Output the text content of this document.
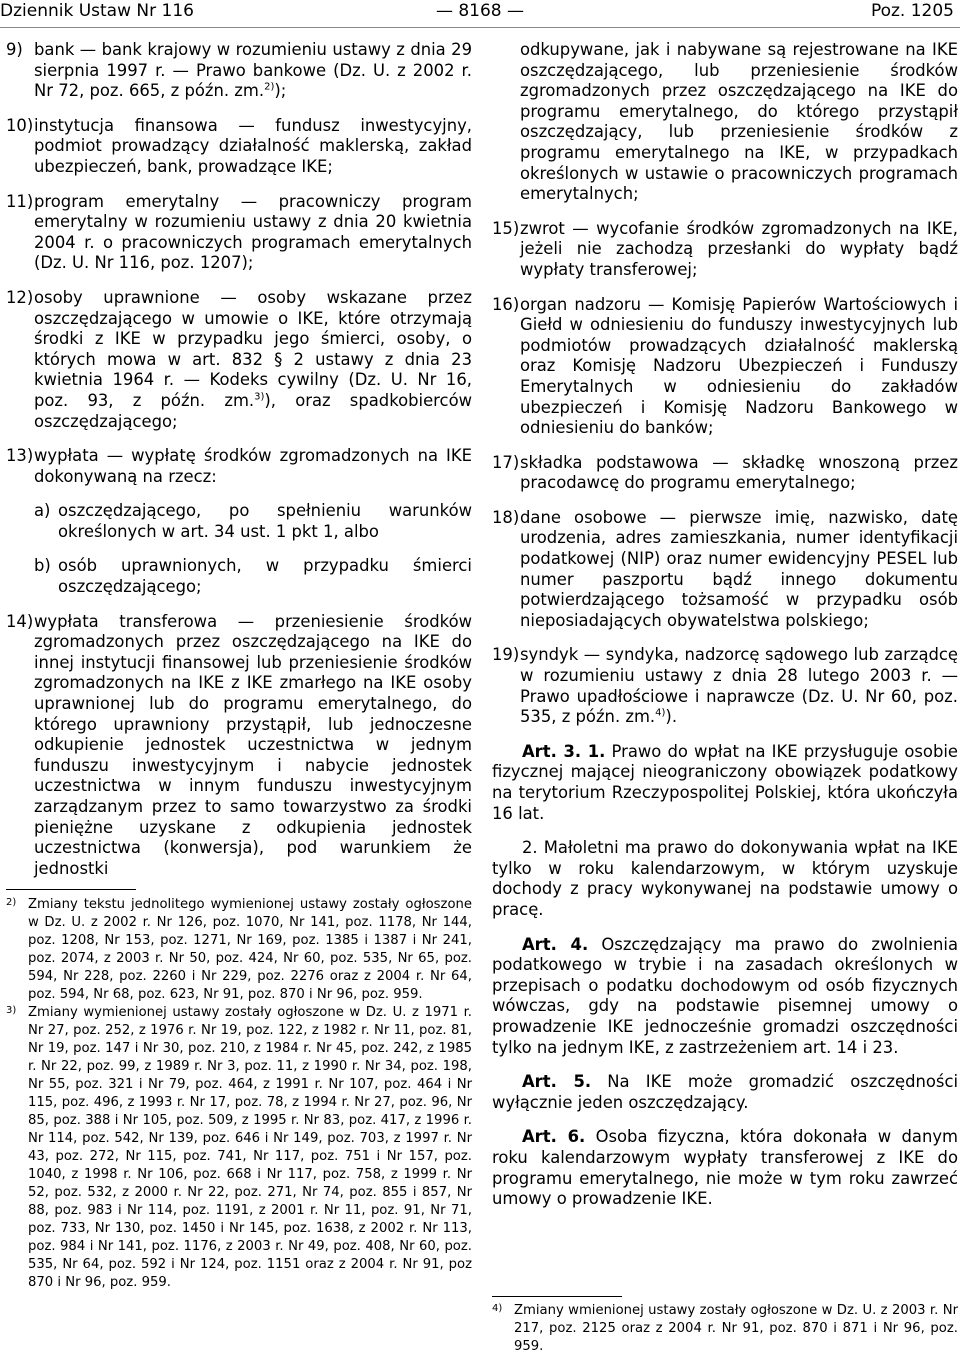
Dziennik Ustaw Nr 116	— 8168 —	Poz. 1205
9) bank — bank krajowy w rozumieniu ustawy z dnia 29 sierpnia 1997 r. — Prawo bankowe (Dz. U. z 2002 r. Nr 72, poz. 665, z późn. zm.$^{2)}$);
10) instytucja finansowa — fundusz inwestycyjny, podmiot prowadzący działalność maklerską, zakład ubezpieczeń, bank, prowadzące IKE;
11) program emerytalny — pracowniczy program emerytalny w rozumieniu ustawy z dnia 20 kwietnia 2004 r. o pracowniczych programach emerytalnych (Dz. U. Nr 116, poz. 1207);
12) osoby uprawnione — osoby wskazane przez oszczędzającego w umowie o IKE, które otrzymają środki z IKE w przypadku jego śmierci, osoby, o których mowa w art. 832 § 2 ustawy z dnia 23 kwietnia 1964 r. — Kodeks cywilny (Dz. U. Nr 16, poz. 93, z późn. zm.$^{3)}$), oraz spadkobierców oszczędzającego;
13) wypłata — wypłatę środków zgromadzonych na IKE dokonywaną na rzecz:
a) oszczędzającego, po spełnieniu warunków określonych w art. 34 ust. 1 pkt 1, albo
b) osób uprawnionych, w przypadku śmierci oszczędzającego;
14) wypłata transferowa — przeniesienie środków zgromadzonych przez oszczędzającego na IKE do innej instytucji finansowej lub przeniesienie środków zgromadzonych na IKE z IKE zmarłego na IKE osoby uprawnionej lub do programu emerytalnego, do którego uprawniony przystąpił, lub jednoczesne odkupienie jednostek uczestnictwa w jednym funduszu inwestycyjnym i nabycie jednostek uczestnictwa w innym funduszu inwestycyjnym zarządzanym przez to samo towarzystwo za środki pieniężne uzyskane z odkupienia jednostek uczestnictwa (konwersja), pod warunkiem że jednostki
2) Zmiany tekstu jednolitego wymienionej ustawy zostały ogłoszone w Dz. U. z 2002 r. Nr 126, poz. 1070, Nr 141, poz. 1178, Nr 144, poz. 1208, Nr 153, poz. 1271, Nr 169, poz. 1385 i 1387 i Nr 241, poz. 2074, z 2003 r. Nr 50, poz. 424, Nr 60, poz. 535, Nr 65, poz. 594, Nr 228, poz. 2260 i Nr 229, poz. 2276 oraz z 2004 r. Nr 64, poz. 594, Nr 68, poz. 623, Nr 91, poz. 870 i Nr 96, poz. 959.
3) Zmiany wymienionej ustawy zostały ogłoszone w Dz. U. z 1971 r. Nr 27, poz. 252, z 1976 r. Nr 19, poz. 122, z 1982 r. Nr 11, poz. 81, Nr 19, poz. 147 i Nr 30, poz. 210, z 1984 r. Nr 45, poz. 242, z 1985 r. Nr 22, poz. 99, z 1989 r. Nr 3, poz. 11, z 1990 r. Nr 34, poz. 198, Nr 55, poz. 321 i Nr 79, poz. 464, z 1991 r. Nr 107, poz. 464 i Nr 115, poz. 496, z 1993 r. Nr 17, poz. 78, z 1994 r. Nr 27, poz. 96, Nr 85, poz. 388 i Nr 105, poz. 509, z 1995 r. Nr 83, poz. 417, z 1996 r. Nr 114, poz. 542, Nr 139, poz. 646 i Nr 149, poz. 703, z 1997 r. Nr 43, poz. 272, Nr 115, poz. 741, Nr 117, poz. 751 i Nr 157, poz. 1040, z 1998 r. Nr 106, poz. 668 i Nr 117, poz. 758, z 1999 r. Nr 52, poz. 532, z 2000 r. Nr 22, poz. 271, Nr 74, poz. 855 i 857, Nr 88, poz. 983 i Nr 114, poz. 1191, z 2001 r. Nr 11, poz. 91, Nr 71, poz. 733, Nr 130, poz. 1450 i Nr 145, poz. 1638, z 2002 r. Nr 113, poz. 984 i Nr 141, poz. 1176, z 2003 r. Nr 49, poz. 408, Nr 60, poz. 535, Nr 64, poz. 592 i Nr 124, poz. 1151 oraz z 2004 r. Nr 91, poz 870 i Nr 96, poz. 959.
odkupywane, jak i nabywane są rejestrowane na IKE oszczędzającego, lub przeniesienie środków zgromadzonych przez oszczędzającego na IKE do programu emerytalnego, do którego przystąpił oszczędzający, lub przeniesienie środków z programu emerytalnego na IKE, w przypadkach określonych w ustawie o pracowniczych programach emerytalnych;
15) zwrot — wycofanie środków zgromadzonych na IKE, jeżeli nie zachodzą przesłanki do wypłaty bądź wypłaty transferowej;
16) organ nadzoru — Komisję Papierów Wartościowych i Giełd w odniesieniu do funduszy inwestycyjnych lub podmiotów prowadzących działalność maklerską oraz Komisję Nadzoru Ubezpieczeń i Funduszy Emerytalnych w odniesieniu do zakładów ubezpieczeń i Komisję Nadzoru Bankowego w odniesieniu do banków;
17) składka podstawowa — składkę wnoszoną przez pracodawcę do programu emerytalnego;
18) dane osobowe — pierwsze imię, nazwisko, datę urodzenia, adres zamieszkania, numer identyfikacji podatkowej (NIP) oraz numer ewidencyjny PESEL lub numer paszportu bądź innego dokumentu potwierdzającego tożsamość w przypadku osób nieposiadających obywatelstwa polskiego;
19) syndyk — syndyka, nadzorcę sądowego lub zarządcę w rozumieniu ustawy z dnia 28 lutego 2003 r. — Prawo upadłościowe i naprawcze (Dz. U. Nr 60, poz. 535, z późn. zm.$^{4)}$).
Art. 3. 1. Prawo do wpłat na IKE przysługuje osobie fizycznej mającej nieograniczony obowiązek podatkowy na terytorium Rzeczypospolitej Polskiej, która ukończyła 16 lat.
2. Małoletni ma prawo do dokonywania wpłat na IKE tylko w roku kalendarzowym, w którym uzyskuje dochody z pracy wykonywanej na podstawie umowy o pracę.
Art. 4. Oszczędzający ma prawo do zwolnienia podatkowego w trybie i na zasadach określonych w przepisach o podatku dochodowym od osób fizycznych wówczas, gdy na podstawie pisemnej umowy o prowadzenie IKE jednocześnie gromadzi oszczędności tylko na jednym IKE, z zastrzeżeniem art. 14 i 23.
Art. 5. Na IKE może gromadzić oszczędności wyłącznie jeden oszczędzający.
Art. 6. Osoba fizyczna, która dokonała w danym roku kalendarzowym wypłaty transferowej z IKE do programu emerytalnego, nie może w tym roku zawrzeć umowy o prowadzenie IKE.
4) Zmiany wmienionej ustawy zostały ogłoszone w Dz. U. z 2003 r. Nr 217, poz. 2125 oraz z 2004 r. Nr 91, poz. 870 i 871 i Nr 96, poz. 959.
